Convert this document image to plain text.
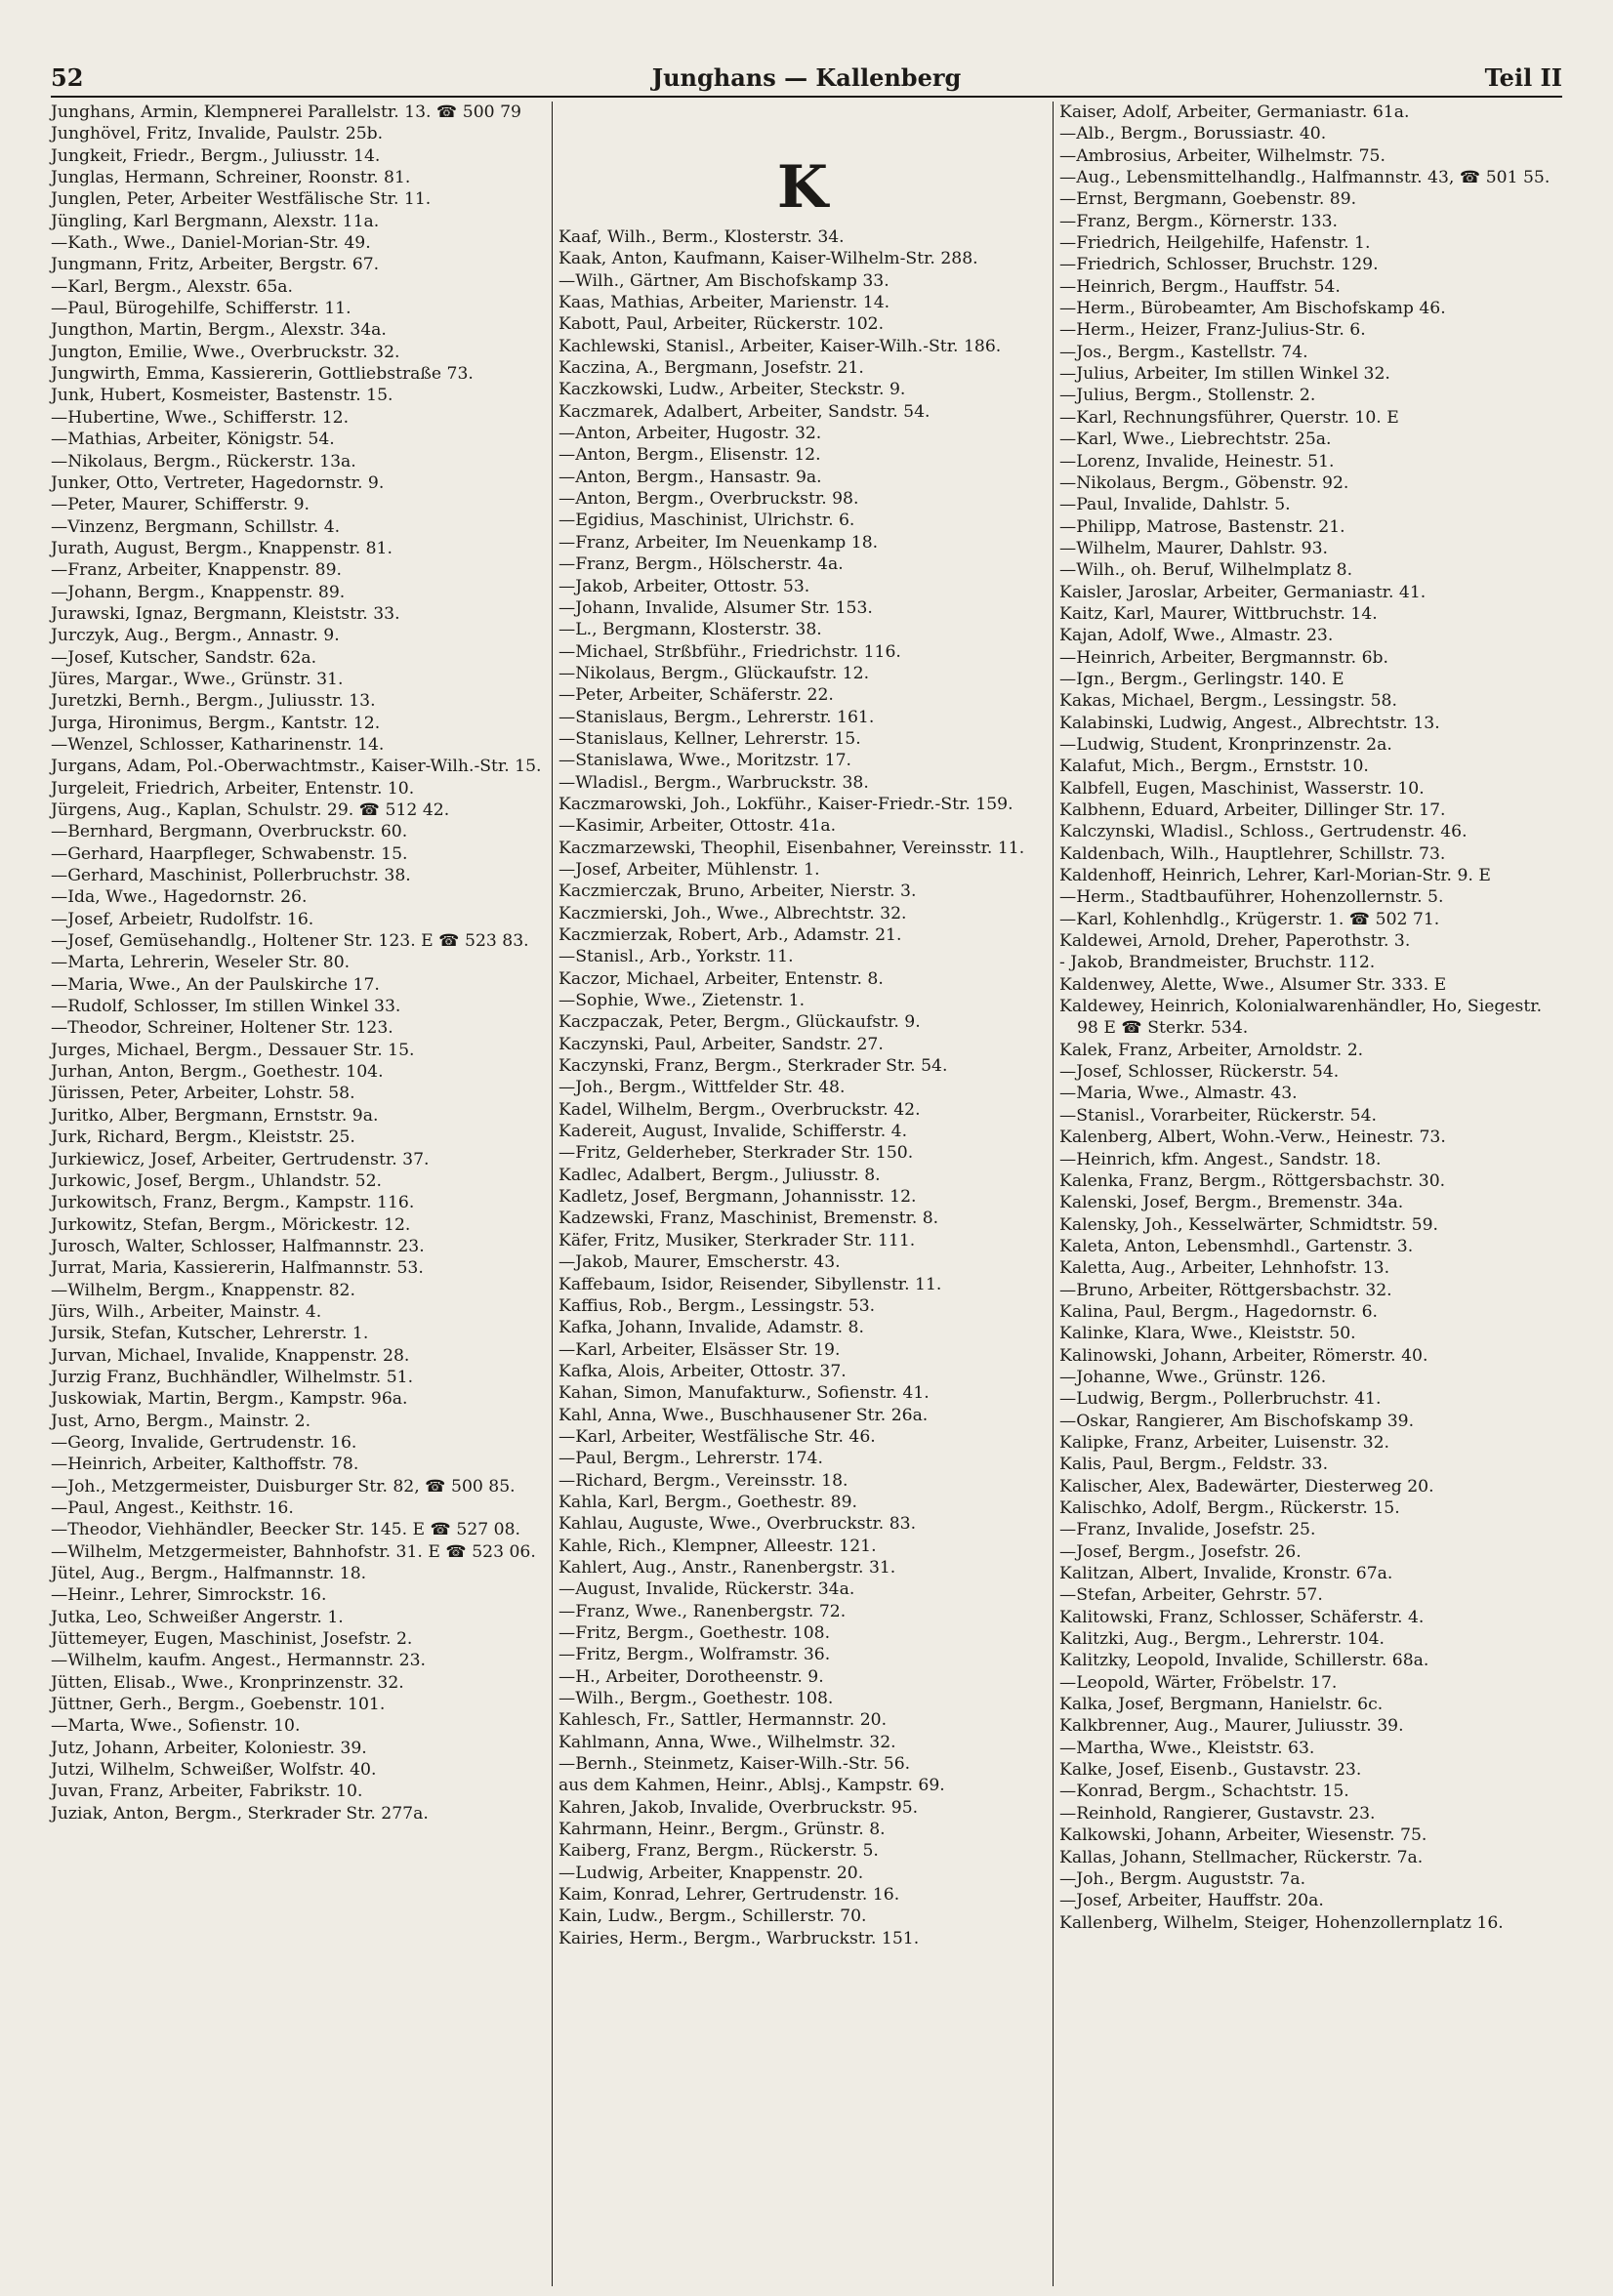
52	Junghans — Kallenberg	Teil II
Junghans, Armin, Klempnerei Parallelstr. 13. ☎ 500 79
Junghövel, Fritz, Invalide, Paulstr. 25b.
Jungkeit, Friedr., Bergm., Juliusstr. 14.
Junglas, Hermann, Schreiner, Roonstr. 81.
Junglen, Peter, Arbeiter Westfälische Str. 11.
Jüngling, Karl Bergmann, Alexstr. 11a.
—Kath., Wwe., Daniel-Morian-Str. 49.
Jungmann, Fritz, Arbeiter, Bergstr. 67.
—Karl, Bergm., Alexstr. 65a.
—Paul, Bürogehilfe, Schifferstr. 11.
Jungthon, Martin, Bergm., Alexstr. 34a.
Jungton, Emilie, Wwe., Overbruckstr. 32.
Jungwirth, Emma, Kassiererin, Gottliebstraße 73.
Junk, Hubert, Kosmeister, Bastenstr. 15.
—Hubertine, Wwe., Schifferstr. 12.
—Mathias, Arbeiter, Königstr. 54.
—Nikolaus, Bergm., Rückerstr. 13a.
Junker, Otto, Vertreter, Hagedornstr. 9.
—Peter, Maurer, Schifferstr. 9.
—Vinzenz, Bergmann, Schillstr. 4.
Jurath, August, Bergm., Knappenstr. 81.
—Franz, Arbeiter, Knappenstr. 89.
—Johann, Bergm., Knappenstr. 89.
Jurawski, Ignaz, Bergmann, Kleiststr. 33.
Jurczyk, Aug., Bergm., Annastr. 9.
—Josef, Kutscher, Sandstr. 62a.
Jüres, Margar., Wwe., Grünstr. 31.
Juretzki, Bernh., Bergm., Juliusstr. 13.
Jurga, Hironimus, Bergm., Kantstr. 12.
—Wenzel, Schlosser, Katharinenstr. 14.
Jurgans, Adam, Pol.-Oberwachtmstr., Kaiser-Wilh.-Str. 15.
Jurgeleit, Friedrich, Arbeiter, Entenstr. 10.
Jürgens, Aug., Kaplan, Schulstr. 29. ☎ 512 42.
—Bernhard, Bergmann, Overbruckstr. 60.
—Gerhard, Haarpfleger, Schwabenstr. 15.
—Gerhard, Maschinist, Pollerbruchstr. 38.
—Ida, Wwe., Hagedornstr. 26.
—Josef, Arbeietr, Rudolfstr. 16.
—Josef, Gemüsehandlg., Holtener Str. 123. E ☎ 523 83.
—Marta, Lehrerin, Weseler Str. 80.
—Maria, Wwe., An der Paulskirche 17.
—Rudolf, Schlosser, Im stillen Winkel 33.
—Theodor, Schreiner, Holtener Str. 123.
Jurges, Michael, Bergm., Dessauer Str. 15.
Jurhan, Anton, Bergm., Goethestr. 104.
Jürissen, Peter, Arbeiter, Lohstr. 58.
Juritko, Alber, Bergmann, Ernststr. 9a.
Jurk, Richard, Bergm., Kleiststr. 25.
Jurkiewicz, Josef, Arbeiter, Gertrudenstr. 37.
Jurkowic, Josef, Bergm., Uhlandstr. 52.
Jurkowitsch, Franz, Bergm., Kampstr. 116.
Jurkowitz, Stefan, Bergm., Mörickestr. 12.
Jurosch, Walter, Schlosser, Halfmannstr. 23.
Jurrat, Maria, Kassiererin, Halfmannstr. 53.
—Wilhelm, Bergm., Knappenstr. 82.
Jürs, Wilh., Arbeiter, Mainstr. 4.
Jursik, Stefan, Kutscher, Lehrerstr. 1.
Jurvan, Michael, Invalide, Knappenstr. 28.
Jurzig Franz, Buchhändler, Wilhelmstr. 51.
Juskowiak, Martin, Bergm., Kampstr. 96a.
Just, Arno, Bergm., Mainstr. 2.
—Georg, Invalide, Gertrudenstr. 16.
—Heinrich, Arbeiter, Kalthoffstr. 78.
—Joh., Metzgermeister, Duisburger Str. 82, ☎ 500 85.
—Paul, Angest., Keithstr. 16.
—Theodor, Viehhändler, Beecker Str. 145. E ☎ 527 08.
—Wilhelm, Metzgermeister, Bahnhofstr. 31. E ☎ 523 06.
Jütel, Aug., Bergm., Halfmannstr. 18.
—Heinr., Lehrer, Simrockstr. 16.
Jutka, Leo, Schweißer Angerstr. 1.
Jüttemeyer, Eugen, Maschinist, Josefstr. 2.
—Wilhelm, kaufm. Angest., Hermannstr. 23.
Jütten, Elisab., Wwe., Kronprinzenstr. 32.
Jüttner, Gerh., Bergm., Goebenstr. 101.
—Marta, Wwe., Sofienstr. 10.
Jutz, Johann, Arbeiter, Koloniestr. 39.
Jutzi, Wilhelm, Schweißer, Wolfstr. 40.
Juvan, Franz, Arbeiter, Fabrikstr. 10.
Juziak, Anton, Bergm., Sterkrader Str. 277a.
K
Kaaf, Wilh., Berm., Klosterstr. 34.
Kaak, Anton, Kaufmann, Kaiser-Wilhelm-Str. 288.
—Wilh., Gärtner, Am Bischofskamp 33.
Kaas, Mathias, Arbeiter, Marienstr. 14.
Kabott, Paul, Arbeiter, Rückerstr. 102.
Kachlewski, Stanisl., Arbeiter, Kaiser-Wilh.-Str. 186.
Kaczina, A., Bergmann, Josefstr. 21.
Kaczkowski, Ludw., Arbeiter, Steckstr. 9.
Kaczmarek, Adalbert, Arbeiter, Sandstr. 54.
—Anton, Arbeiter, Hugostr. 32.
—Anton, Bergm., Elisenstr. 12.
—Anton, Bergm., Hansastr. 9a.
—Anton, Bergm., Overbruckstr. 98.
—Egidius, Maschinist, Ulrichstr. 6.
—Franz, Arbeiter, Im Neuenkamp 18.
—Franz, Bergm., Hölscherstr. 4a.
—Jakob, Arbeiter, Ottostr. 53.
—Johann, Invalide, Alsumer Str. 153.
—L., Bergmann, Klosterstr. 38.
—Michael, Strßbführ., Friedrichstr. 116.
—Nikolaus, Bergm., Glückaufstr. 12.
—Peter, Arbeiter, Schäferstr. 22.
—Stanislaus, Bergm., Lehrerstr. 161.
—Stanislaus, Kellner, Lehrerstr. 15.
—Stanislawa, Wwe., Moritzstr. 17.
—Wladisl., Bergm., Warbruckstr. 38.
Kaczmarowski, Joh., Lokführ., Kaiser-Friedr.-Str. 159.
—Kasimir, Arbeiter, Ottostr. 41a.
Kaczmarzewski, Theophil, Eisenbahner, Vereinsstr. 11.
—Josef, Arbeiter, Mühlenstr. 1.
Kaczmierczak, Bruno, Arbeiter, Nierstr. 3.
Kaczmierski, Joh., Wwe., Albrechtstr. 32.
Kaczmierzak, Robert, Arb., Adamstr. 21.
—Stanisl., Arb., Yorkstr. 11.
Kaczor, Michael, Arbeiter, Entenstr. 8.
—Sophie, Wwe., Zietenstr. 1.
Kaczpaczak, Peter, Bergm., Glückaufstr. 9.
Kaczynski, Paul, Arbeiter, Sandstr. 27.
Kaczynski, Franz, Bergm., Sterkrader Str. 54.
—Joh., Bergm., Wittfelder Str. 48.
Kadel, Wilhelm, Bergm., Overbruckstr. 42.
Kadereit, August, Invalide, Schifferstr. 4.
—Fritz, Gelderheber, Sterkrader Str. 150.
Kadlec, Adalbert, Bergm., Juliusstr. 8.
Kadletz, Josef, Bergmann, Johannisstr. 12.
Kadzewski, Franz, Maschinist, Bremenstr. 8.
Käfer, Fritz, Musiker, Sterkrader Str. 111.
—Jakob, Maurer, Emscherstr. 43.
Kaffebaum, Isidor, Reisender, Sibyllenstr. 11.
Kaffius, Rob., Bergm., Lessingstr. 53.
Kafka, Johann, Invalide, Adamstr. 8.
—Karl, Arbeiter, Elsässer Str. 19.
Kafka, Alois, Arbeiter, Ottostr. 37.
Kahan, Simon, Manufakturw., Sofienstr. 41.
Kahl, Anna, Wwe., Buschhausener Str. 26a.
—Karl, Arbeiter, Westfälische Str. 46.
—Paul, Bergm., Lehrerstr. 174.
—Richard, Bergm., Vereinsstr. 18.
Kahla, Karl, Bergm., Goethestr. 89.
Kahlau, Auguste, Wwe., Overbruckstr. 83.
Kahle, Rich., Klempner, Alleestr. 121.
Kahlert, Aug., Anstr., Ranenbergstr. 31.
—August, Invalide, Rückerstr. 34a.
—Franz, Wwe., Ranenbergstr. 72.
—Fritz, Bergm., Goethestr. 108.
—Fritz, Bergm., Wolframstr. 36.
—H., Arbeiter, Dorotheenstr. 9.
—Wilh., Bergm., Goethestr. 108.
Kahlesch, Fr., Sattler, Hermannstr. 20.
Kahlmann, Anna, Wwe., Wilhelmstr. 32.
—Bernh., Steinmetz, Kaiser-Wilh.-Str. 56.
aus dem Kahmen, Heinr., Ablsj., Kampstr. 69.
Kahren, Jakob, Invalide, Overbruckstr. 95.
Kahrmann, Heinr., Bergm., Grünstr. 8.
Kaiberg, Franz, Bergm., Rückerstr. 5.
—Ludwig, Arbeiter, Knappenstr. 20.
Kaim, Konrad, Lehrer, Gertrudenstr. 16.
Kain, Ludw., Bergm., Schillerstr. 70.
Kairies, Herm., Bergm., Warbruckstr. 151.
Kaiser, Adolf, Arbeiter, Germaniastr. 61a.
—Alb., Bergm., Borussiastr. 40.
—Ambrosius, Arbeiter, Wilhelmstr. 75.
—Aug., Lebensmittelhandlg., Halfmannstr. 43, ☎ 501 55.
—Ernst, Bergmann, Goebenstr. 89.
—Franz, Bergm., Körnerstr. 133.
—Friedrich, Heilgehilfe, Hafenstr. 1.
—Friedrich, Schlosser, Bruchstr. 129.
—Heinrich, Bergm., Hauffstr. 54.
—Herm., Bürobeamter, Am Bischofskamp 46.
—Herm., Heizer, Franz-Julius-Str. 6.
—Jos., Bergm., Kastellstr. 74.
—Julius, Arbeiter, Im stillen Winkel 32.
—Julius, Bergm., Stollenstr. 2.
—Karl, Rechnungsführer, Querstr. 10. E
—Karl, Wwe., Liebrechtstr. 25a.
—Lorenz, Invalide, Heinestr. 51.
—Nikolaus, Bergm., Göbenstr. 92.
—Paul, Invalide, Dahlstr. 5.
—Philipp, Matrose, Bastenstr. 21.
—Wilhelm, Maurer, Dahlstr. 93.
—Wilh., oh. Beruf, Wilhelmplatz 8.
Kaisler, Jaroslar, Arbeiter, Germaniastr. 41.
Kaitz, Karl, Maurer, Wittbruchstr. 14.
Kajan, Adolf, Wwe., Almastr. 23.
—Heinrich, Arbeiter, Bergmannstr. 6b.
—Ign., Bergm., Gerlingstr. 140. E
Kakas, Michael, Bergm., Lessingstr. 58.
Kalabinski, Ludwig, Angest., Albrechtstr. 13.
—Ludwig, Student, Kronprinzenstr. 2a.
Kalafut, Mich., Bergm., Ernststr. 10.
Kalbfell, Eugen, Maschinist, Wasserstr. 10.
Kalbhenn, Eduard, Arbeiter, Dillinger Str. 17.
Kalczynski, Wladisl., Schloss., Gertrudenstr. 46.
Kaldenbach, Wilh., Hauptlehrer, Schillstr. 73.
Kaldenhoff, Heinrich, Lehrer, Karl-Morian-Str. 9. E
—Herm., Stadtbauführer, Hohenzollernstr. 5.
—Karl, Kohlenhdlg., Krügerstr. 1. ☎ 502 71.
Kaldewei, Arnold, Dreher, Paperothstr. 3.
- Jakob, Brandmeister, Bruchstr. 112.
Kaldenwey, Alette, Wwe., Alsumer Str. 333. E
Kaldewey, Heinrich, Kolonialwarenhändler, Ho, Siegestr. 98 E ☎ Sterkr. 534.
Kalek, Franz, Arbeiter, Arnoldstr. 2.
—Josef, Schlosser, Rückerstr. 54.
—Maria, Wwe., Almastr. 43.
—Stanisl., Vorarbeiter, Rückerstr. 54.
Kalenberg, Albert, Wohn.-Verw., Heinestr. 73.
—Heinrich, kfm. Angest., Sandstr. 18.
Kalenka, Franz, Bergm., Röttgersbachstr. 30.
Kalenski, Josef, Bergm., Bremenstr. 34a.
Kalensky, Joh., Kesselwärter, Schmidtstr. 59.
Kaleta, Anton, Lebensmhdl., Gartenstr. 3.
Kaletta, Aug., Arbeiter, Lehnhofstr. 13.
—Bruno, Arbeiter, Röttgersbachstr. 32.
Kalina, Paul, Bergm., Hagedornstr. 6.
Kalinke, Klara, Wwe., Kleiststr. 50.
Kalinowski, Johann, Arbeiter, Römerstr. 40.
—Johanne, Wwe., Grünstr. 126.
—Ludwig, Bergm., Pollerbruchstr. 41.
—Oskar, Rangierer, Am Bischofskamp 39.
Kalipke, Franz, Arbeiter, Luisenstr. 32.
Kalis, Paul, Bergm., Feldstr. 33.
Kalischer, Alex, Badewärter, Diesterweg 20.
Kalischko, Adolf, Bergm., Rückerstr. 15.
—Franz, Invalide, Josefstr. 25.
—Josef, Bergm., Josefstr. 26.
Kalitzan, Albert, Invalide, Kronstr. 67a.
—Stefan, Arbeiter, Gehrstr. 57.
Kalitowski, Franz, Schlosser, Schäferstr. 4.
Kalitzki, Aug., Bergm., Lehrerstr. 104.
Kalitzky, Leopold, Invalide, Schillerstr. 68a.
—Leopold, Wärter, Fröbelstr. 17.
Kalka, Josef, Bergmann, Hanielstr. 6c.
Kalkbrenner, Aug., Maurer, Juliusstr. 39.
—Martha, Wwe., Kleiststr. 63.
Kalke, Josef, Eisenb., Gustavstr. 23.
—Konrad, Bergm., Schachtstr. 15.
—Reinhold, Rangierer, Gustavstr. 23.
Kalkowski, Johann, Arbeiter, Wiesenstr. 75.
Kallas, Johann, Stellmacher, Rückerstr. 7a.
—Joh., Bergm. Auguststr. 7a.
—Josef, Arbeiter, Hauffstr. 20a.
Kallenberg, Wilhelm, Steiger, Hohenzollernplatz 16.
